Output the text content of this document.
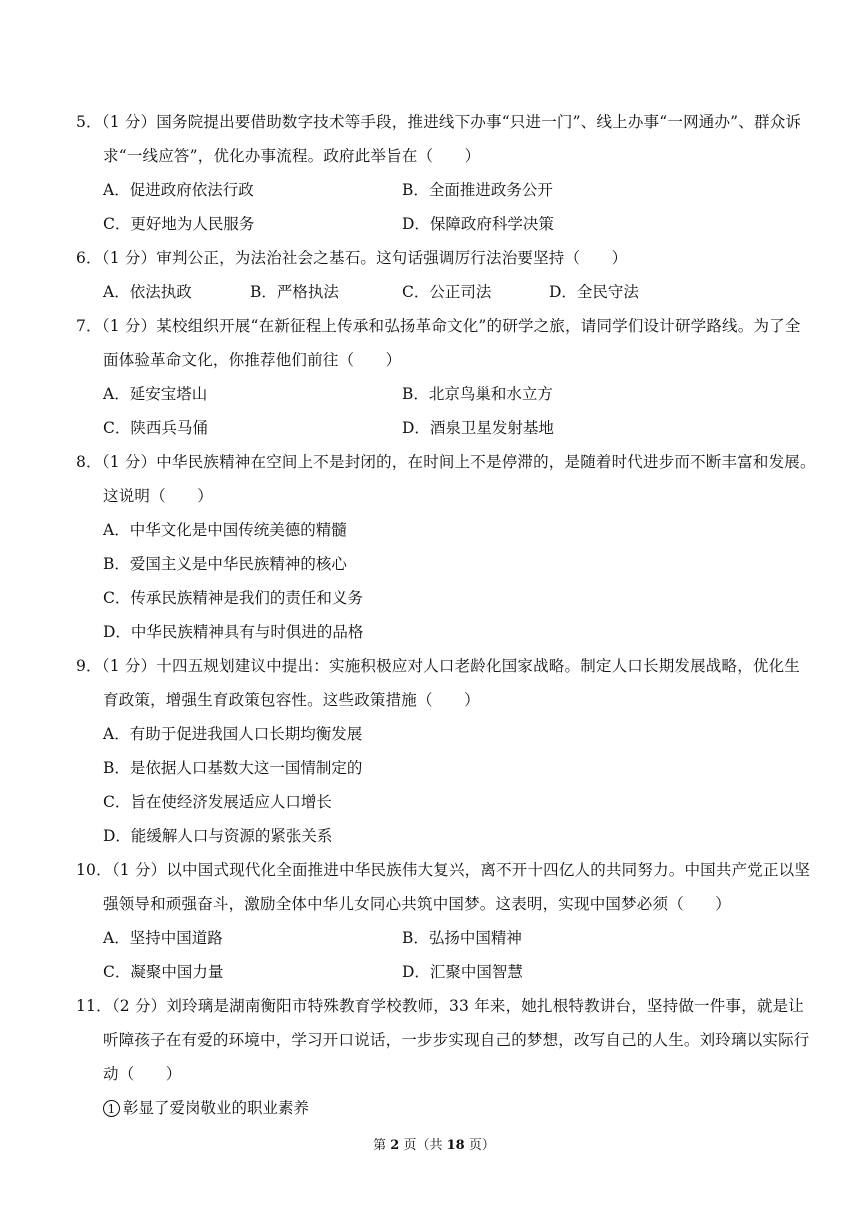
5．（1 分）国务院提出要借助数字技术等手段，推进线下办事“只进一门”、线上办事“一网通办”、群众诉
求“一线应答”，优化办事流程。政府此举旨在（　　）
A．促进政府依法行政	B．全面推进政务公开
C．更好地为人民服务	D．保障政府科学决策
6．（1 分）审判公正，为法治社会之基石。这句话强调厉行法治要坚持（　　）
A．依法执政	B．严格执法	C．公正司法	D．全民守法
7．（1 分）某校组织开展“在新征程上传承和弘扬革命文化”的研学之旅，请同学们设计研学路线。为了全
面体验革命文化，你推荐他们前往（　　）
A．延安宝塔山	B．北京鸟巢和水立方
C．陕西兵马俑	D．酒泉卫星发射基地
8．（1 分）中华民族精神在空间上不是封闭的，在时间上不是停滞的，是随着时代进步而不断丰富和发展。
这说明（　　）
A．中华文化是中国传统美德的精髓
B．爱国主义是中华民族精神的核心
C．传承民族精神是我们的责任和义务
D．中华民族精神具有与时俱进的品格
9．（1 分）十四五规划建议中提出：实施积极应对人口老龄化国家战略。制定人口长期发展战略，优化生
育政策，增强生育政策包容性。这些政策措施（　　）
A．有助于促进我国人口长期均衡发展
B．是依据人口基数大这一国情制定的
C．旨在使经济发展适应人口增长
D．能缓解人口与资源的紧张关系
10．（1 分）以中国式现代化全面推进中华民族伟大复兴，离不开十四亿人的共同努力。中国共产党正以坚
强领导和顽强奋斗，激励全体中华儿女同心共筑中国梦。这表明，实现中国梦必须（　　）
A．坚持中国道路	B．弘扬中国精神
C．凝聚中国力量	D．汇聚中国智慧
11．（2 分）刘玲璃是湖南衡阳市特殊教育学校教师，33 年来，她扎根特教讲台，坚持做一件事，就是让
听障孩子在有爱的环境中，学习开口说话，一步步实现自己的梦想，改写自己的人生。刘玲璃以实际行
动（　　）
1 彰显了爱岗敬业的职业素养
第 2 页（共 18 页）
